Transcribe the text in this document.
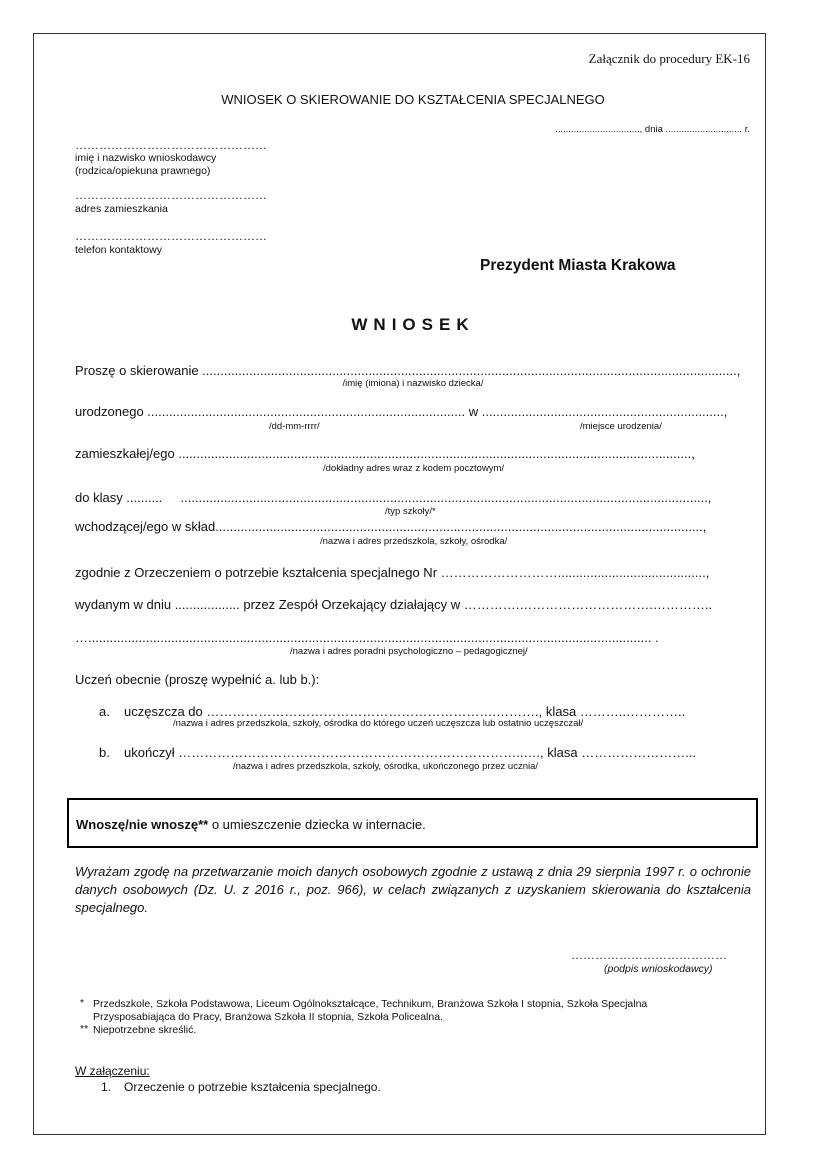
Załącznik do procedury EK-16

WNIOSEK O SKIEROWANIE DO KSZTAŁCENIA SPECJALNEGO

................................, dnia ............................. r.

…………………………………………

imię i nazwisko wnioskodawcy

(rodzica/opiekuna prawnego)

…………………………………………

adres zamieszkania

…………………………………………

telefon kontaktowy

Prezydent Miasta Krakowa

WNIOSEK

Proszę o skierowanie ....................................................................................................................................................,

/imię (imiona) i nazwisko dziecka/

urodzonego ........................................................................................ w ...................................................................,

/dd-mm-rrrr/	/miejsce urodzenia/

zamieszkałej/ego ..............................................................................................................................................,

/dokładny adres wraz z kodem pocztowym/

do klasy ..........     ..................................................................................................................................................,

/typ szkoły/*

wchodzącej/ego w skład.......................................................................................................................................,

/nazwa i adres przedszkola, szkoły, ośrodka/

zgodnie z Orzeczeniem o potrzebie kształcenia specjalnego Nr ……………………….........................................,

wydanym w dniu .................. przez Zespół Orzekający działający w ………….………………………….…………..

…............................................................................................................................................................ .

/nazwa i adres poradni psychologiczno – pedagogicznej/

Uczeń obecnie (proszę wypełnić a. lub b.):

a. uczęszcza do ………………………………………………………….………., klasa ………..…………..

/nazwa i adres przedszkola, szkoły, ośrodka do którego uczeń uczęszcza lub ostatnio uczęszczał/

b. ukończył ……………………………………………………………………..…., klasa ……………………...

/nazwa i adres przedszkola, szkoły, ośrodka, ukończonego przez ucznia/

Wnoszę/nie wnoszę** o umieszczenie dziecka w internacie.

Wyrażam zgodę na przetwarzanie moich danych osobowych zgodnie z ustawą z dnia 29 sierpnia 1997 r. o ochronie danych osobowych (Dz. U. z 2016 r., poz. 966), w celach związanych z uzyskaniem skierowania do kształcenia specjalnego.

…………………………………

(podpis wnioskodawcy)

* Przedszkole, Szkoła Podstawowa, Liceum Ogólnokształcące, Technikum, Branżowa Szkoła I stopnia, Szkoła Specjalna

Przysposabiająca do Pracy, Branżowa Szkoła II stopnia, Szkoła Policealna.

** Niepotrzebne skreślić.

W załączeniu:

1. Orzeczenie o potrzebie kształcenia specjalnego.
